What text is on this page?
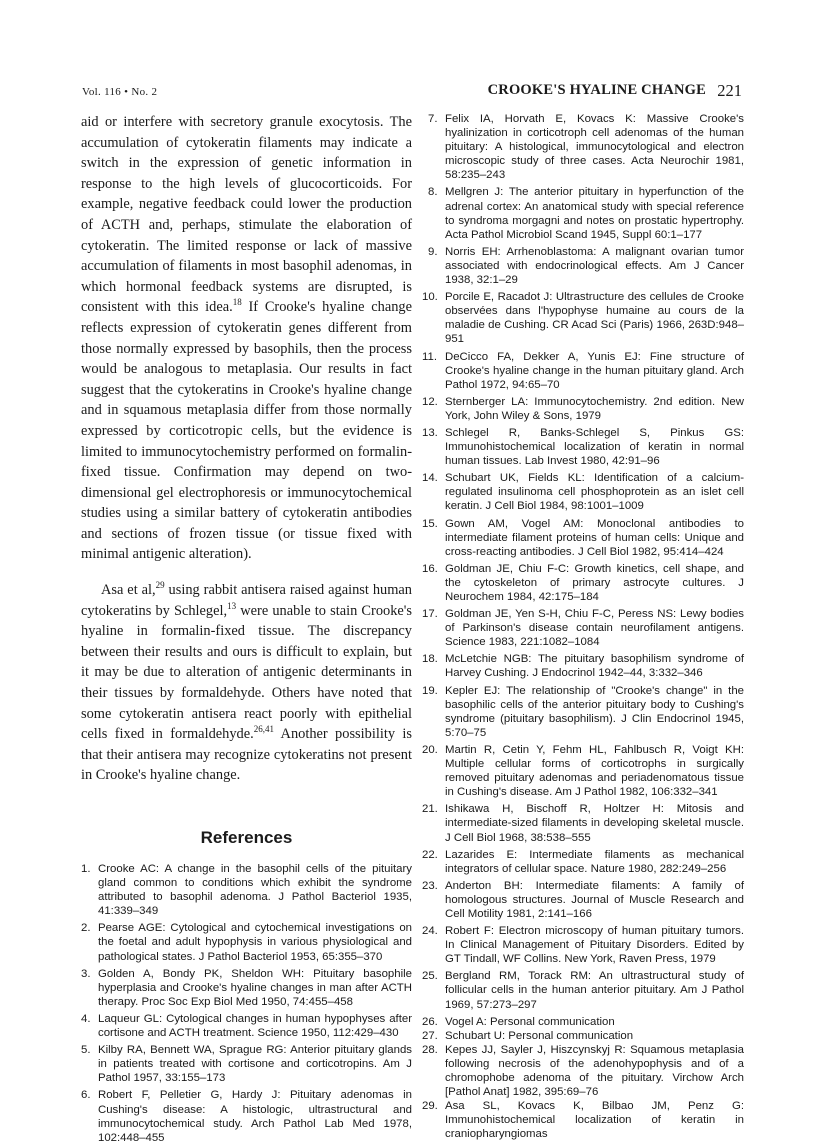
Vol. 116 • No. 2	CROOKE'S HYALINE CHANGE 221

aid or interfere with secretory granule exocytosis. The accumulation of cytokeratin filaments may indicate a switch in the expression of genetic information in response to the high levels of glucocorticoids. For example, negative feedback could lower the production of ACTH and, perhaps, stimulate the elaboration of cytokeratin. The limited response or lack of massive accumulation of filaments in most basophil adenomas, in which hormonal feedback systems are disrupted, is consistent with this idea.$^{18}$ If Crooke's hyaline change reflects expression of cytokeratin genes different from those normally expressed by basophils, then the process would be analogous to metaplasia. Our results in fact suggest that the cytokeratins in Crooke's hyaline change and in squamous metaplasia differ from those normally expressed by corticotropic cells, but the evidence is limited to immunocytochemistry performed on formalin-fixed tissue. Confirmation may depend on two-dimensional gel electrophoresis or immunocytochemical studies using a similar battery of cytokeratin antibodies and sections of frozen tissue (or tissue fixed with minimal antigenic alteration).

Asa et al,$^{29}$ using rabbit antisera raised against human cytokeratins by Schlegel,$^{13}$ were unable to stain Crooke's hyaline in formalin-fixed tissue. The discrepancy between their results and ours is difficult to explain, but it may be due to alteration of antigenic determinants in their tissues by formaldehyde. Others have noted that some cytokeratin antisera react poorly with epithelial cells fixed in formaldehyde.$^{26,41}$ Another possibility is that their antisera may recognize cytokeratins not present in Crooke's hyaline change.

References
1. Crooke AC: A change in the basophil cells of the pituitary gland common to conditions which exhibit the syndrome attributed to basophil adenoma. J Pathol Bacteriol 1935, 41:339–349
2. Pearse AGE: Cytological and cytochemical investigations on the foetal and adult hypophysis in various physiological and pathological states. J Pathol Bacteriol 1953, 65:355–370
3. Golden A, Bondy PK, Sheldon WH: Pituitary basophile hyperplasia and Crooke's hyaline changes in man after ACTH therapy. Proc Soc Exp Biol Med 1950, 74:455–458
4. Laqueur GL: Cytological changes in human hypophyses after cortisone and ACTH treatment. Science 1950, 112:429–430
5. Kilby RA, Bennett WA, Sprague RG: Anterior pituitary glands in patients treated with cortisone and corticotropins. Am J Pathol 1957, 33:155–173
6. Robert F, Pelletier G, Hardy J: Pituitary adenomas in Cushing's disease: A histologic, ultrastructural and immunocytochemical study. Arch Pathol Lab Med 1978, 102:448–455
7. Felix IA, Horvath E, Kovacs K: Massive Crooke's hyalinization in corticotroph cell adenomas of the human pituitary: A histological, immunocytological and electron microscopic study of three cases. Acta Neurochir 1981, 58:235–243
8. Mellgren J: The anterior pituitary in hyperfunction of the adrenal cortex: An anatomical study with special reference to syndroma morgagni and notes on prostatic hypertrophy. Acta Pathol Microbiol Scand 1945, Suppl 60:1–177
9. Norris EH: Arrhenoblastoma: A malignant ovarian tumor associated with endocrinological effects. Am J Cancer 1938, 32:1–29
10. Porcile E, Racadot J: Ultrastructure des cellules de Crooke observées dans l'hypophyse humaine au cours de la maladie de Cushing. CR Acad Sci (Paris) 1966, 263D:948–951
11. DeCicco FA, Dekker A, Yunis EJ: Fine structure of Crooke's hyaline change in the human pituitary gland. Arch Pathol 1972, 94:65–70
12. Sternberger LA: Immunocytochemistry. 2nd edition. New York, John Wiley & Sons, 1979
13. Schlegel R, Banks-Schlegel S, Pinkus GS: Immunohistochemical localization of keratin in normal human tissues. Lab Invest 1980, 42:91–96
14. Schubart UK, Fields KL: Identification of a calcium-regulated insulinoma cell phosphoprotein as an islet cell keratin. J Cell Biol 1984, 98:1001–1009
15. Gown AM, Vogel AM: Monoclonal antibodies to intermediate filament proteins of human cells: Unique and cross-reacting antibodies. J Cell Biol 1982, 95:414–424
16. Goldman JE, Chiu F-C: Growth kinetics, cell shape, and the cytoskeleton of primary astrocyte cultures. J Neurochem 1984, 42:175–184
17. Goldman JE, Yen S-H, Chiu F-C, Peress NS: Lewy bodies of Parkinson's disease contain neurofilament antigens. Science 1983, 221:1082–1084
18. McLetchie NGB: The pituitary basophilism syndrome of Harvey Cushing. J Endocrinol 1942–44, 3:332–346
19. Kepler EJ: The relationship of "Crooke's change" in the basophilic cells of the anterior pituitary body to Cushing's syndrome (pituitary basophilism). J Clin Endocrinol 1945, 5:70–75
20. Martin R, Cetin Y, Fehm HL, Fahlbusch R, Voigt KH: Multiple cellular forms of corticotrophs in surgically removed pituitary adenomas and periadenomatous tissue in Cushing's disease. Am J Pathol 1982, 106:332–341
21. Ishikawa H, Bischoff R, Holtzer H: Mitosis and intermediate-sized filaments in developing skeletal muscle. J Cell Biol 1968, 38:538–555
22. Lazarides E: Intermediate filaments as mechanical integrators of cellular space. Nature 1980, 282:249–256
23. Anderton BH: Intermediate filaments: A family of homologous structures. Journal of Muscle Research and Cell Motility 1981, 2:141–166
24. Robert F: Electron microscopy of human pituitary tumors. In Clinical Management of Pituitary Disorders. Edited by GT Tindall, WF Collins. New York, Raven Press, 1979
25. Bergland RM, Torack RM: An ultrastructural study of follicular cells in the human anterior pituitary. Am J Pathol 1969, 57:273–297
26. Vogel A: Personal communication
27. Schubart U: Personal communication
28. Kepes JJ, Sayler J, Hiszcynskyj R: Squamous metaplasia following necrosis of the adenohypophysis and of a chromophobe adenoma of the pituitary. Virchow Arch [Pathol Anat] 1982, 395:69–76
29. Asa SL, Kovacs K, Bilbao JM, Penz G: Immunohistochemical localization of keratin in craniopharyngiomas
